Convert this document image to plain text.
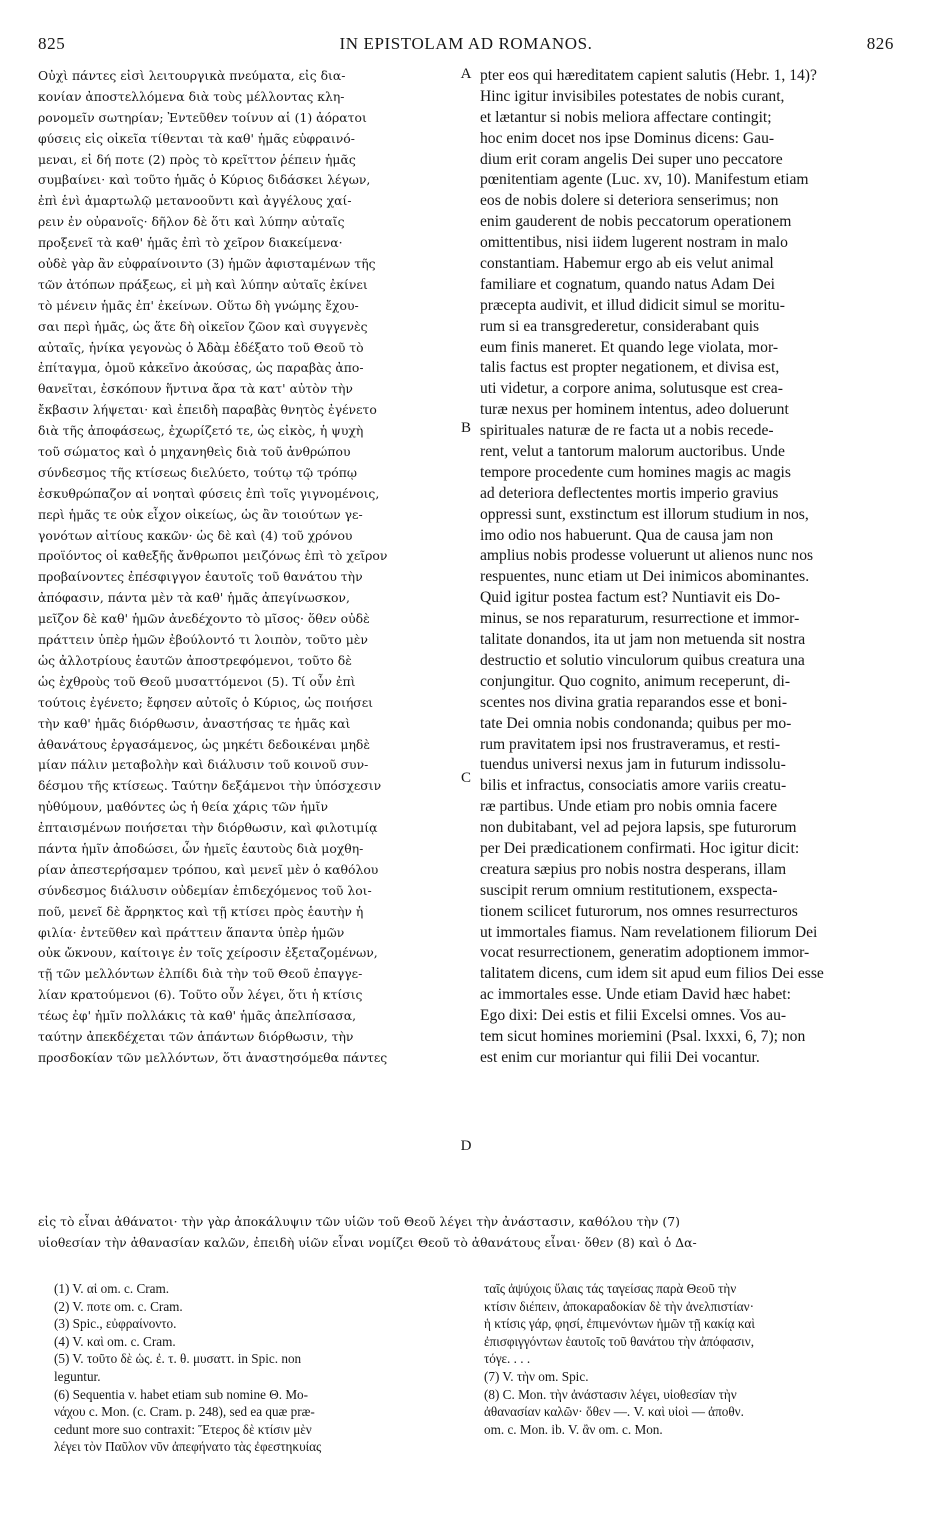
825	IN EPISTOLAM AD ROMANOS.	826
Οὐχὶ πάντες εἰσὶ λειτουργικὰ πνεύματα, εἰς δια-
κονίαν ἀποστελλόμενα διὰ τοὺς μέλλοντας κλη-
ρονομεῖν σωτηρίαν; Ἐντεῦθεν τοίνυν αἱ (1) ἀόρατοι
φύσεις εἰς οἰκεῖα τίθενται τὰ καθ' ἡμᾶς εὐφραινό-
μεναι, εἰ δή ποτε (2) πρὸς τὸ κρεῖττον ῥέπειν ἡμᾶς
συμβαίνει· καὶ τοῦτο ἡμᾶς ὁ Κύριος διδάσκει λέγων,
ἐπὶ ἑνὶ ἁμαρτωλῷ μετανοοῦντι καὶ ἀγγέλους χαί-
ρειν ἐν οὐρανοῖς· δῆλον δὲ ὅτι καὶ λύπην αὐταῖς
προξενεῖ τὰ καθ' ἡμᾶς ἐπὶ τὸ χεῖρον διακείμενα·
οὐδὲ γὰρ ἂν εὐφραίνοιντο (3) ἡμῶν ἀφισταμένων τῆς
τῶν ἀτόπων πράξεως, εἰ μὴ καὶ λύπην αὐταῖς ἐκίνει
τὸ μένειν ἡμᾶς ἐπ' ἐκείνων. Οὕτω δὴ γνώμης ἔχου-
σαι περὶ ἡμᾶς, ὡς ἅτε δὴ οἰκεῖον ζῶον καὶ συγγενὲς
αὐταῖς, ἡνίκα γεγονὼς ὁ Ἀδὰμ ἐδέξατο τοῦ Θεοῦ τὸ
ἐπίταγμα, ὁμοῦ κἀκεῖνο ἀκούσας, ὡς παραβὰς ἀπο-
θανεῖται, ἐσκόπουν ἥντινα ἄρα τὰ κατ' αὐτὸν τὴν
ἔκβασιν λήψεται· καὶ ἐπειδὴ παραβὰς θνητὸς ἐγένετο
διὰ τῆς ἀποφάσεως, ἐχωρίζετό τε, ὡς εἰκὸς, ἡ ψυχὴ
τοῦ σώματος καὶ ὁ μηχανηθεὶς διὰ τοῦ ἀνθρώπου
σύνδεσμος τῆς κτίσεως διελύετο, τούτῳ τῷ τρόπῳ
ἐσκυθρώπαζον αἱ νοηταὶ φύσεις ἐπὶ τοῖς γιγνομένοις,
περὶ ἡμᾶς τε οὐκ εἶχον οἰκείως, ὡς ἂν τοιούτων γε-
γονότων αἰτίους κακῶν· ὡς δὲ καὶ (4) τοῦ χρόνου
προϊόντος οἱ καθεξῆς ἄνθρωποι μειζόνως ἐπὶ τὸ χεῖρον
προβαίνοντες ἐπέσφιγγον ἑαυτοῖς τοῦ θανάτου τὴν
ἀπόφασιν, πάντα μὲν τὰ καθ' ἡμᾶς ἀπεγίνωσκον,
μεῖζον δὲ καθ' ἡμῶν ἀνεδέχοντο τὸ μῖσος· ὅθεν οὐδὲ
πράττειν ὑπὲρ ἡμῶν ἐβούλοντό τι λοιπὸν, τοῦτο μὲν
ὡς ἀλλοτρίους ἑαυτῶν ἀποστρεφόμενοι, τοῦτο δὲ
ὡς ἐχθροὺς τοῦ Θεοῦ μυσαττόμενοι (5). Τί οὖν ἐπὶ
τούτοις ἐγένετο; ἔφησεν αὐτοῖς ὁ Κύριος, ὡς ποιήσει
τὴν καθ' ἡμᾶς διόρθωσιν, ἀναστήσας τε ἡμᾶς καὶ
ἀθανάτους ἐργασάμενος, ὡς μηκέτι δεδοικέναι μηδὲ
μίαν πάλιν μεταβολὴν καὶ διάλυσιν τοῦ κοινοῦ συν-
δέσμου τῆς κτίσεως. Ταύτην δεξάμενοι τὴν ὑπόσχεσιν
ηὐθύμουν, μαθόντες ὡς ἡ θεία χάρις τῶν ἡμῖν
ἐπταισμένων ποιήσεται τὴν διόρθωσιν, καὶ φιλοτιμίᾳ
πάντα ἡμῖν ἀποδώσει, ὧν ἡμεῖς ἑαυτοὺς διὰ μοχθη-
ρίαν ἀπεστερήσαμεν τρόπου, καὶ μενεῖ μὲν ὁ καθόλου
σύνδεσμος διάλυσιν οὐδεμίαν ἐπιδεχόμενος τοῦ λοι-
ποῦ, μενεῖ δὲ ἄρρηκτος καὶ τῇ κτίσει πρὸς ἑαυτὴν ἡ
φιλία· ἐντεῦθεν καὶ πράττειν ἅπαντα ὑπὲρ ἡμῶν
οὐκ ὤκνουν, καίτοιγε ἐν τοῖς χείροσιν ἐξεταζομένων,
τῇ τῶν μελλόντων ἐλπίδι διὰ τὴν τοῦ Θεοῦ ἐπαγγε-
λίαν κρατούμενοι (6). Τοῦτο οὖν λέγει, ὅτι ἡ κτίσις
τέως ἐφ' ἡμῖν πολλάκις τὰ καθ' ἡμᾶς ἀπελπίσασα,
ταύτην ἀπεκδέχεται τῶν ἁπάντων διόρθωσιν, τὴν
προσδοκίαν τῶν μελλόντων, ὅτι ἀναστησόμεθα πάντες
pter eos qui hæreditatem capient salutis (Hebr. 1, 14)?
Hinc igitur invisibiles potestates de nobis curant,
et lætantur si nobis meliora affectare contingit;
hoc enim docet nos ipse Dominus dicens: Gau-
dium erit coram angelis Dei super uno peccatore
pœnitentiam agente (Luc. xv, 10). Manifestum etiam
eos de nobis dolere si deteriora senserimus; non
enim gauderent de nobis peccatorum operationem
omittentibus, nisi iidem lugerent nostram in malo
constantiam. Habemur ergo ab eis velut animal
familiare et cognatum, quando natus Adam Dei
præcepta audivit, et illud didicit simul se moritu-
rum si ea transgrederetur, considerabant quis
eum finis maneret. Et quando lege violata, mor-
talis factus est propter negationem, et divisa est,
uti videtur, a corpore anima, solutusque est crea-
turæ nexus per hominem intentus, adeo doluerunt
spirituales naturæ de re facta ut a nobis recede-
rent, velut a tantorum malorum auctoribus. Unde
tempore procedente cum homines magis ac magis
ad deteriora deflectentes mortis imperio gravius
oppressi sunt, exstinctum est illorum studium in nos,
imo odio nos habuerunt. Qua de causa jam non
amplius nobis prodesse voluerunt ut alienos nunc nos
respuentes, nunc etiam ut Dei inimicos abominantes.
Quid igitur postea factum est? Nuntiavit eis Do-
minus, se nos reparaturum, resurrectione et immor-
talitate donandos, ita ut jam non metuenda sit nostra
destructio et solutio vinculorum quibus creatura una
conjungitur. Quo cognito, animum receperunt, di-
scentes nos divina gratia reparandos esse et boni-
tate Dei omnia nobis condonanda; quibus per mo-
rum pravitatem ipsi nos frustraveramus, et resti-
tuendus universi nexus jam in futurum indissolu-
bilis et infractus, consociatis amore variis creatu-
ræ partibus. Unde etiam pro nobis omnia facere
non dubitabant, vel ad pejora lapsis, spe futurorum
per Dei prædicationem confirmati. Hoc igitur dicit:
creatura sæpius pro nobis nostra desperans, illam
suscipit rerum omnium restitutionem, exspecta-
tionem scilicet futurorum, nos omnes resurrecturos
ut immortales fiamus. Nam revelationem filiorum Dei
vocat resurrectionem, generatim adoptionem immor-
talitatem dicens, cum idem sit apud eum filios Dei esse
ac immortales esse. Unde etiam David hæc habet:
Ego dixi: Dei estis et filii Excelsi omnes. Vos au-
tem sicut homines moriemini (Psal. lxxxi, 6, 7); non
est enim cur moriantur qui filii Dei vocantur.
A
B
C
D
εἰς τὸ εἶναι ἀθάνατοι· τὴν γὰρ ἀποκάλυψιν τῶν υἱῶν τοῦ Θεοῦ λέγει τὴν ἀνάστασιν, καθόλου τὴν (7)
υἱοθεσίαν τὴν ἀθανασίαν καλῶν, ἐπειδὴ υἱῶν εἶναι νομίζει Θεοῦ τὸ ἀθανάτους εἶναι· ὅθεν (8) καὶ ὁ Δα-
(1) V. αἱ om. c. Cram.
(2) V. ποτε om. c. Cram.
(3) Spic., εὐφραίνοντο.
(4) V. καὶ om. c. Cram.
(5) V. τοῦτο δὲ ὡς. ἐ. τ. θ. μυσαττ. in Spic. non
leguntur.
(6) Sequentia v. habet etiam sub nomine Θ. Mo-
νάχου c. Mon. (c. Cram. p. 248), sed ea quæ præ-
cedunt more suo contraxit: Ἕτερος δὲ κτίσιν μὲν
λέγει τὸν Παῦλον νῦν ἀπεφήνατο τὰς ἐφεστηκυίας
ταῖς ἀψύχοις ὕλαις τάς ταγείσας παρὰ Θεοῦ τὴν
κτίσιν διέπειν, ἀποκαραδοκίαν δὲ τὴν ἀνελπιστίαν·
ἡ κτίσις γάρ, φησί, ἐπιμενόντων ἡμῶν τῇ κακίᾳ καὶ
ἐπισφιγγόντων ἑαυτοῖς τοῦ θανάτου τὴν ἀπόφασιν,
τόγε. . . .
(7) V. τὴν om. Spic.
(8) C. Mon. τὴν ἀνάστασιν λέγει, υἱοθεσίαν τὴν
ἀθανασίαν καλῶν· ὅθεν —. V. καὶ υἱοὶ — ἀποθν.
om. c. Mon. ib. V. ἂν om. c. Mon.
